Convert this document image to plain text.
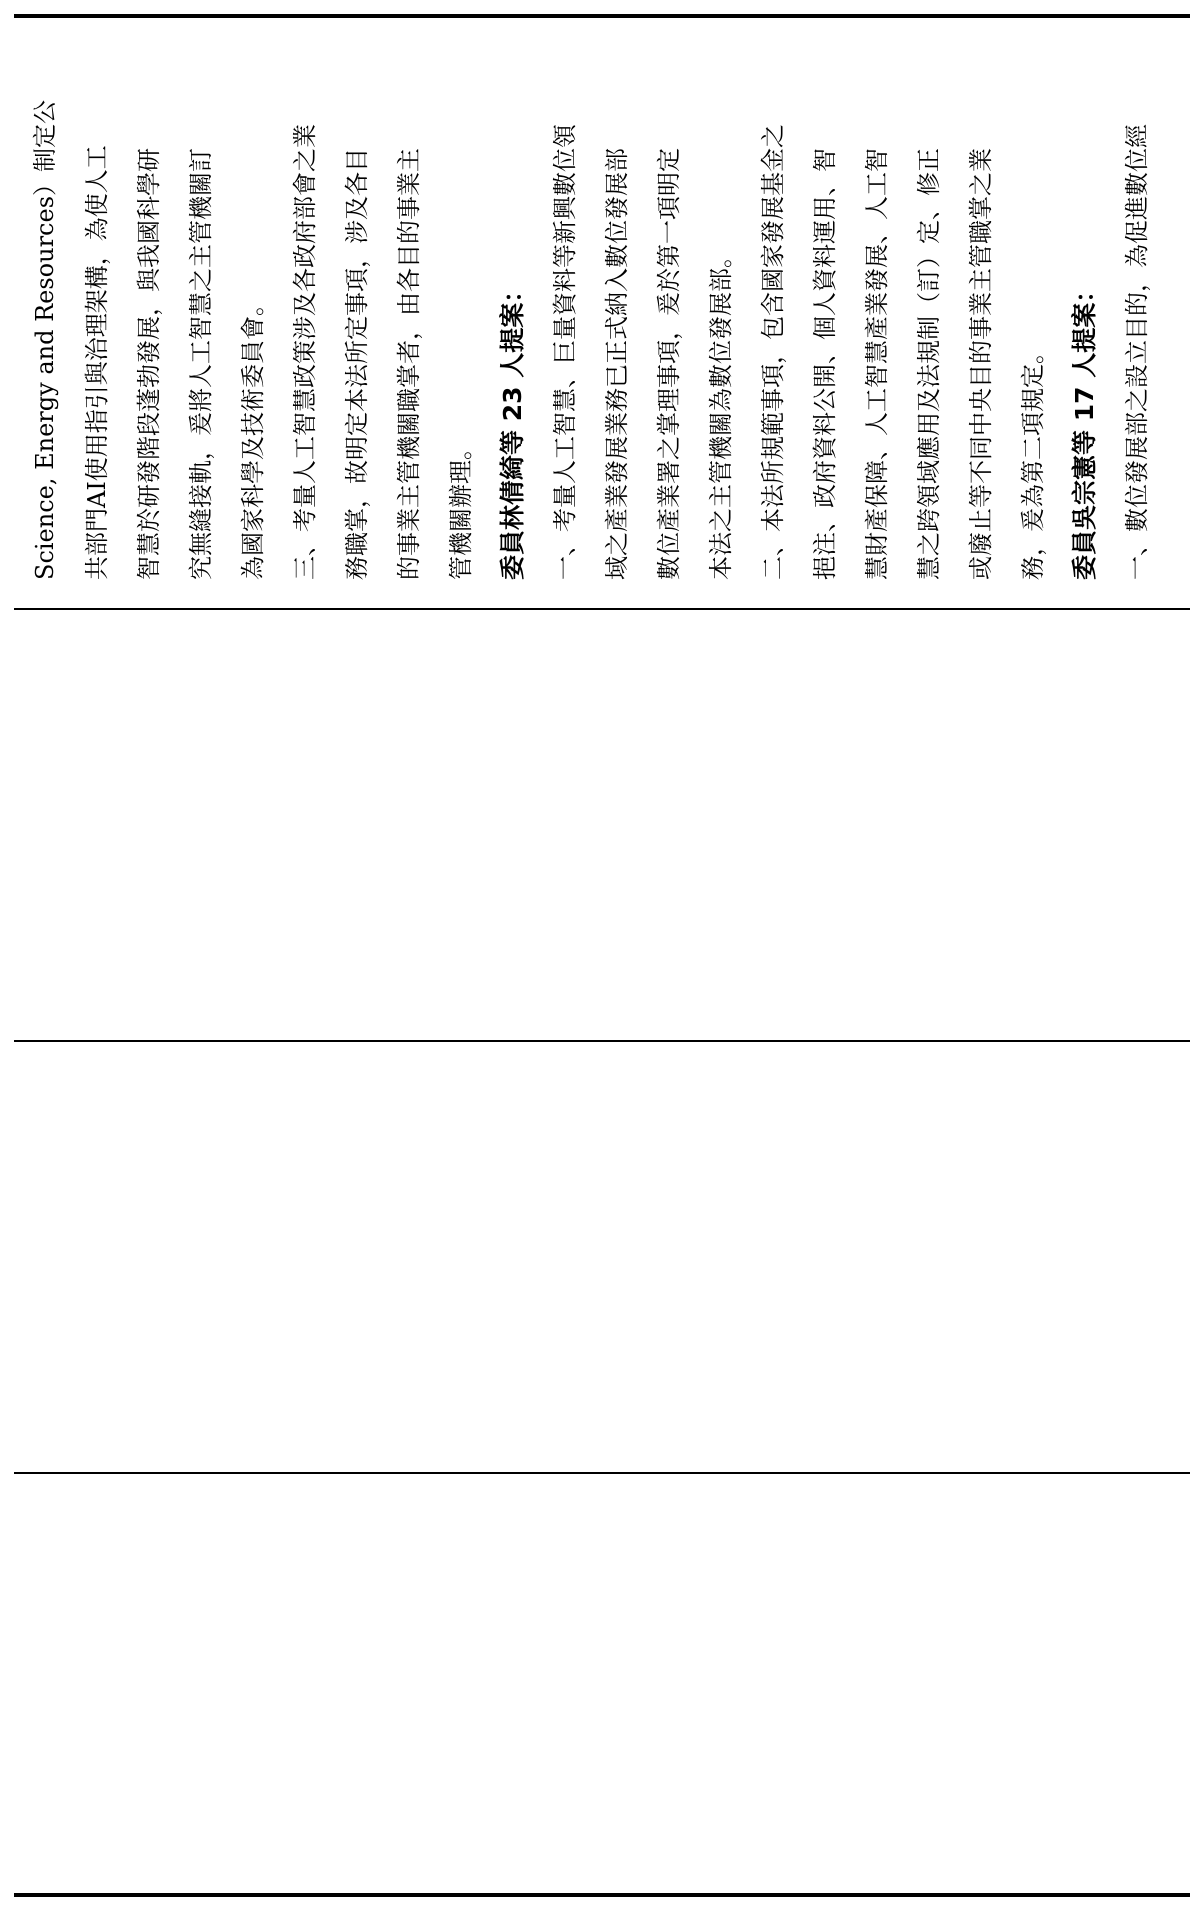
Science, Energy and Resources）制定公	共部門AI使用指引與治理架構，為使人工	智慧於研發階段蓬勃發展，與我國科學研	究無縫接軌，爰將人工智慧之主管機關訂	為國家科學及技術委員會。	三、考量人工智慧政策涉及各政府部會之業	務職掌，故明定本法所定事項，涉及各目	的事業主管機關職掌者，由各目的事業主	管機關辦理。 委員林倩綺等 23 人提案：	一、考量人工智慧、巨量資料等新興數位領	域之產業發展業務已正式納入數位發展部	數位產業署之掌理事項，爰於第一項明定	本法之主管機關為數位發展部。	二、本法所規範事項，包含國家發展基金之	挹注、政府資料公開、個人資料運用、智	慧財產保障、人工智慧產業發展、人工智	慧之跨領域應用及法規制（訂）定、修正	或廢止等不同中央目的事業主管職掌之業	務，爰為第二項規定。 委員吳宗憲等 17 人提案：	一、數位發展部之設立目的，為促進數位經
